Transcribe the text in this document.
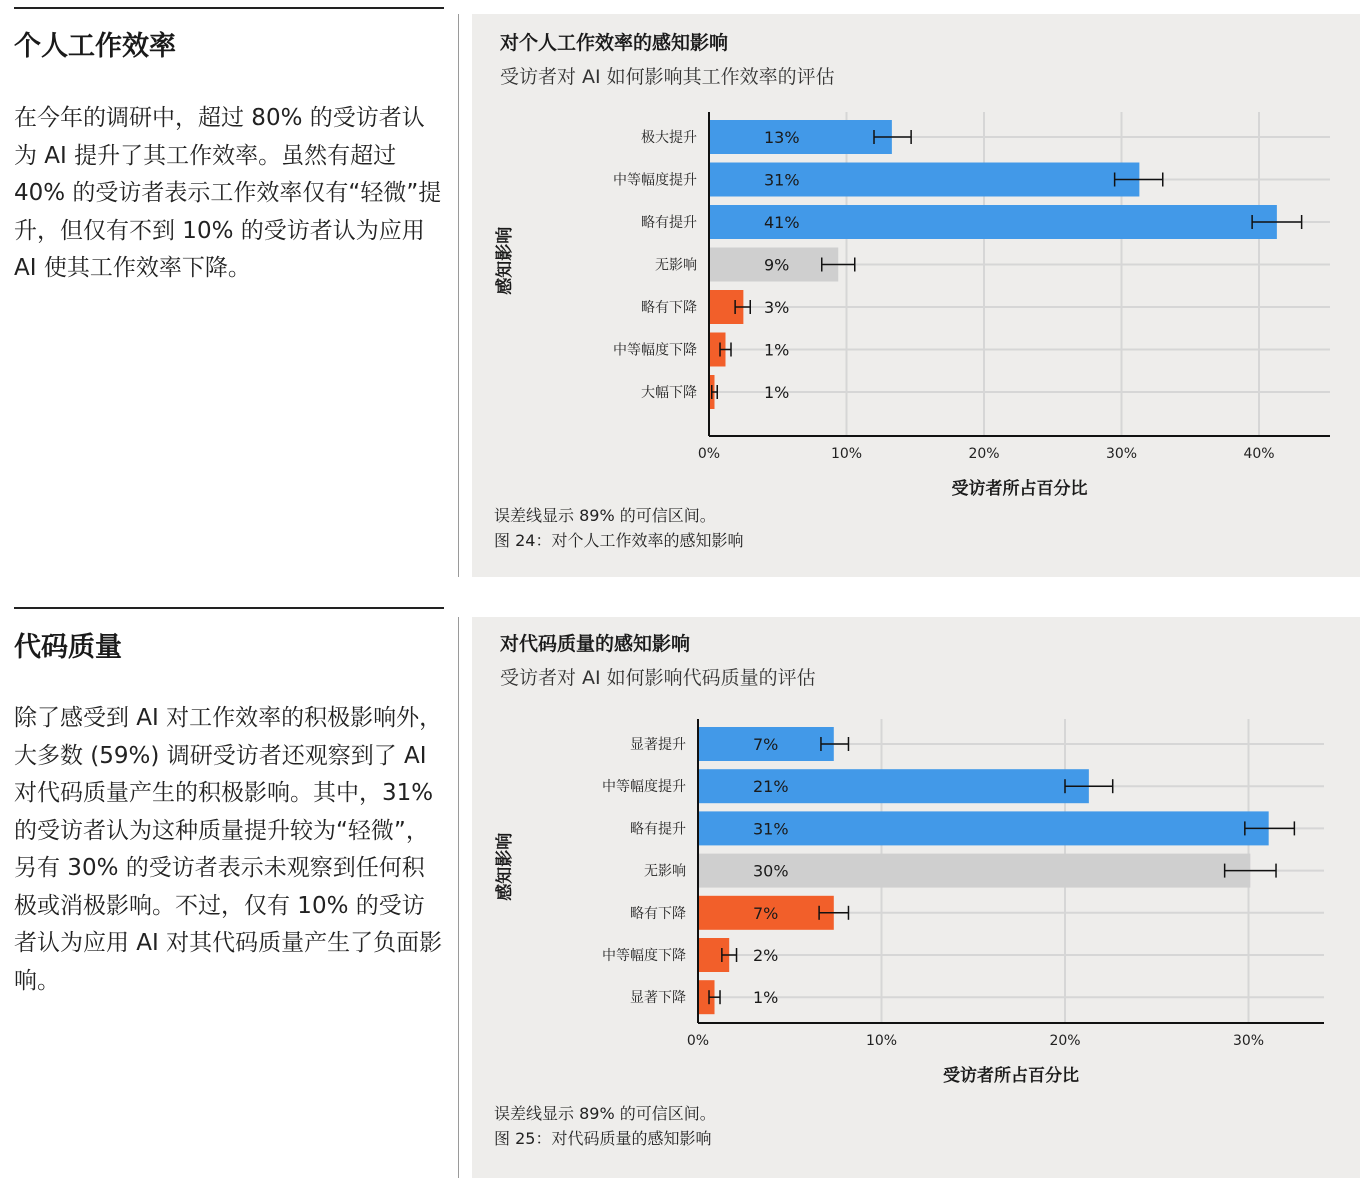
个人工作效率

在今年的调研中，超过 80% 的受访者认为 AI 提升了其工作效率。虽然有超过 40% 的受访者表示工作效率仅有“轻微”提升，但仅有不到 10% 的受访者认为应用 AI 使其工作效率下降。

代码质量

除了感受到 AI 对工作效率的积极影响外，大多数 (59%) 调研受访者还观察到了 AI 对代码质量产生的积极影响。其中，31% 的受访者认为这种质量提升较为“轻微”，另有 30% 的受访者表示未观察到任何积极或消极影响。不过，仅有 10% 的受访者认为应用 AI 对其代码质量产生了负面影响。

对个人工作效率的感知影响
受访者对 AI 如何影响其工作效率的评估
0%	10%	20%	30%	40%
极大提升	13%
中等幅度提升	31%
略有提升	41%
无影响	9%
略有下降	3%
中等幅度下降	1%
大幅下降	1%
受访者所占百分比
感知影响
误差线显示 89% 的可信区间。
图 24：对个人工作效率的感知影响
对代码质量的感知影响
受访者对 AI 如何影响代码质量的评估
0%	10%	20%	30%
显著提升	7%
中等幅度提升	21%
略有提升	31%
无影响	30%
略有下降	7%
中等幅度下降	2%
显著下降	1%
受访者所占百分比
感知影响
误差线显示 89% 的可信区间。
图 25：对代码质量的感知影响
